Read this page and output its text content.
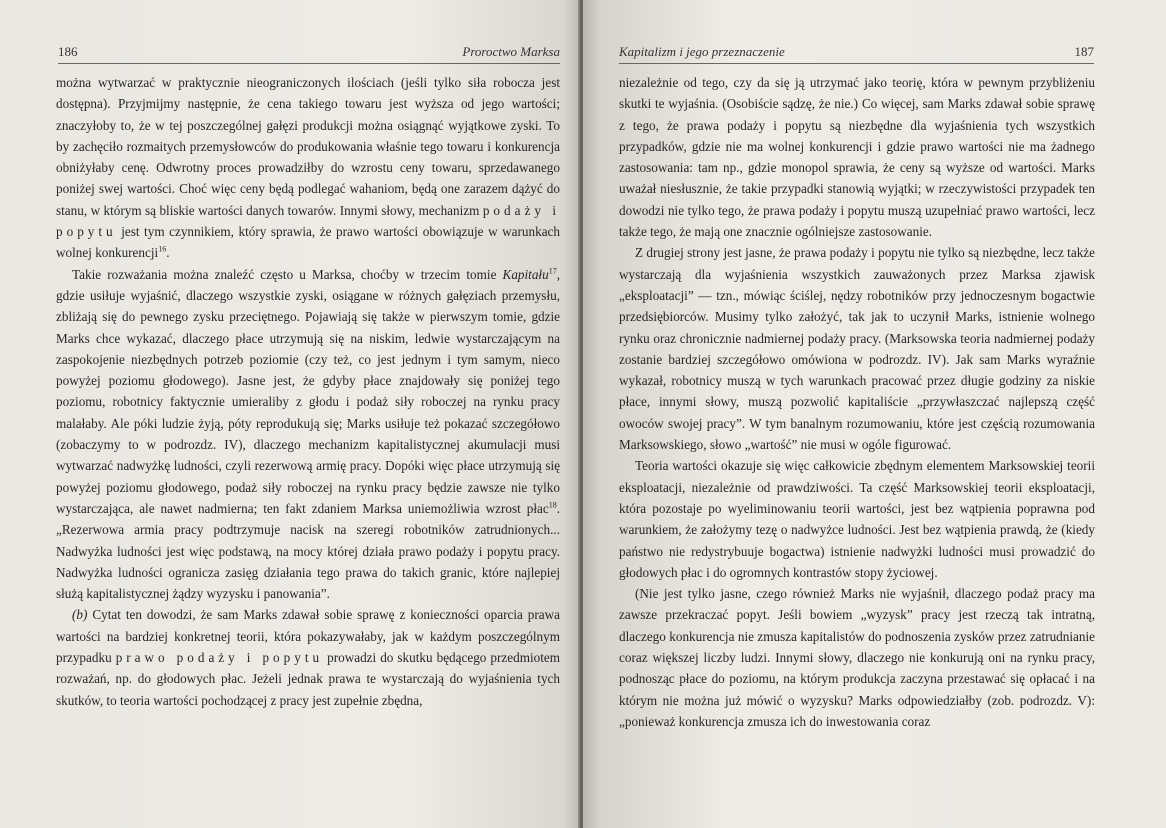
186	Proroctwo Marksa

można wytwarzać w praktycznie nieograniczonych ilościach (jeśli tylko siła robocza jest dostępna). Przyjmijmy następnie, że cena takiego towaru jest wyższa od jego wartości; znaczyłoby to, że w tej poszczególnej gałęzi produkcji można osiągnąć wyjątkowe zyski. To by zachęciło rozmaitych przemysłowców do produkowania właśnie tego towaru i konkurencja obniżyłaby cenę. Odwrotny proces prowadziłby do wzrostu ceny towaru, sprzedawanego poniżej swej wartości. Choć więc ceny będą podlegać wahaniom, będą one zarazem dążyć do stanu, w którym są bliskie wartości danych towarów. Innymi słowy, mechanizm podaży i popytu jest tym czynnikiem, który sprawia, że prawo wartości obowiązuje w warunkach wolnej konkurencji$^{16}$.

Takie rozważania można znaleźć często u Marksa, choćby w trzecim tomie Kapitału$^{17}$, gdzie usiłuje wyjaśnić, dlaczego wszystkie zyski, osiągane w różnych gałęziach przemysłu, zbliżają się do pewnego zysku przeciętnego. Pojawiają się także w pierwszym tomie, gdzie Marks chce wykazać, dlaczego płace utrzymują się na niskim, ledwie wystarczającym na zaspokojenie niezbędnych potrzeb poziomie (czy też, co jest jednym i tym samym, nieco powyżej poziomu głodowego). Jasne jest, że gdyby płace znajdowały się poniżej tego poziomu, robotnicy faktycznie umieraliby z głodu i podaż siły roboczej na rynku pracy malałaby. Ale póki ludzie żyją, póty reprodukują się; Marks usiłuje też pokazać szczegółowo (zobaczymy to w podrozdz. IV), dlaczego mechanizm kapitalistycznej akumulacji musi wytwarzać nadwyżkę ludności, czyli rezerwową armię pracy. Dopóki więc płace utrzymują się powyżej poziomu głodowego, podaż siły roboczej na rynku pracy będzie zawsze nie tylko wystarczająca, ale nawet nadmierna; ten fakt zdaniem Marksa uniemożliwia wzrost płac$^{18}$. „Rezerwowa armia pracy podtrzymuje nacisk na szeregi robotników zatrudnionych... Nadwyżka ludności jest więc podstawą, na mocy której działa prawo podaży i popytu pracy. Nadwyżka ludności ogranicza zasięg działania tego prawa do takich granic, które najlepiej służą kapitalistycznej żądzy wyzysku i panowania”.

(b) Cytat ten dowodzi, że sam Marks zdawał sobie sprawę z konieczności oparcia prawa wartości na bardziej konkretnej teorii, która pokazywałaby, jak w każdym poszczególnym przypadku prawo podaży i popytu prowadzi do skutku będącego przedmiotem rozważań, np. do głodowych płac. Jeżeli jednak prawa te wystarczają do wyjaśnienia tych skutków, to teoria wartości pochodzącej z pracy jest zupełnie zbędna,

Kapitalizm i jego przeznaczenie	187

niezależnie od tego, czy da się ją utrzymać jako teorię, która w pewnym przybliżeniu skutki te wyjaśnia. (Osobiście sądzę, że nie.) Co więcej, sam Marks zdawał sobie sprawę z tego, że prawa podaży i popytu są niezbędne dla wyjaśnienia tych wszystkich przypadków, gdzie nie ma wolnej konkurencji i gdzie prawo wartości nie ma żadnego zastosowania: tam np., gdzie monopol sprawia, że ceny są wyższe od wartości. Marks uważał niesłusznie, że takie przypadki stanowią wyjątki; w rzeczywistości przypadek ten dowodzi nie tylko tego, że prawa podaży i popytu muszą uzupełniać prawo wartości, lecz także tego, że mają one znacznie ogólniejsze zastosowanie.

Z drugiej strony jest jasne, że prawa podaży i popytu nie tylko są niezbędne, lecz także wystarczają dla wyjaśnienia wszystkich zauważonych przez Marksa zjawisk „eksploatacji” — tzn., mówiąc ściślej, nędzy robotników przy jednoczesnym bogactwie przedsiębiorców. Musimy tylko założyć, tak jak to uczynił Marks, istnienie wolnego rynku oraz chronicznie nadmiernej podaży pracy. (Marksowska teoria nadmiernej podaży zostanie bardziej szczegółowo omówiona w podrozdz. IV). Jak sam Marks wyraźnie wykazał, robotnicy muszą w tych warunkach pracować przez długie godziny za niskie płace, innymi słowy, muszą pozwolić kapitaliście „przywłaszczać najlepszą część owoców swojej pracy”. W tym banalnym rozumowaniu, które jest częścią rozumowania Marksowskiego, słowo „wartość” nie musi w ogóle figurować.

Teoria wartości okazuje się więc całkowicie zbędnym elementem Marksowskiej teorii eksploatacji, niezależnie od prawdziwości. Ta część Marksowskiej teorii eksploatacji, która pozostaje po wyeliminowaniu teorii wartości, jest bez wątpienia poprawna pod warunkiem, że założymy tezę o nadwyżce ludności. Jest bez wątpienia prawdą, że (kiedy państwo nie redystrybuuje bogactwa) istnienie nadwyżki ludności musi prowadzić do głodowych płac i do ogromnych kontrastów stopy życiowej.

(Nie jest tylko jasne, czego również Marks nie wyjaśnił, dlaczego podaż pracy ma zawsze przekraczać popyt. Jeśli bowiem „wyzysk” pracy jest rzeczą tak intratną, dlaczego konkurencja nie zmusza kapitalistów do podnoszenia zysków przez zatrudnianie coraz większej liczby ludzi. Innymi słowy, dlaczego nie konkurują oni na rynku pracy, podnosząc płace do poziomu, na którym produkcja zaczyna przestawać się opłacać i na którym nie można już mówić o wyzysku? Marks odpowiedziałby (zob. podrozdz. V): „ponieważ konkurencja zmusza ich do inwestowania coraz
